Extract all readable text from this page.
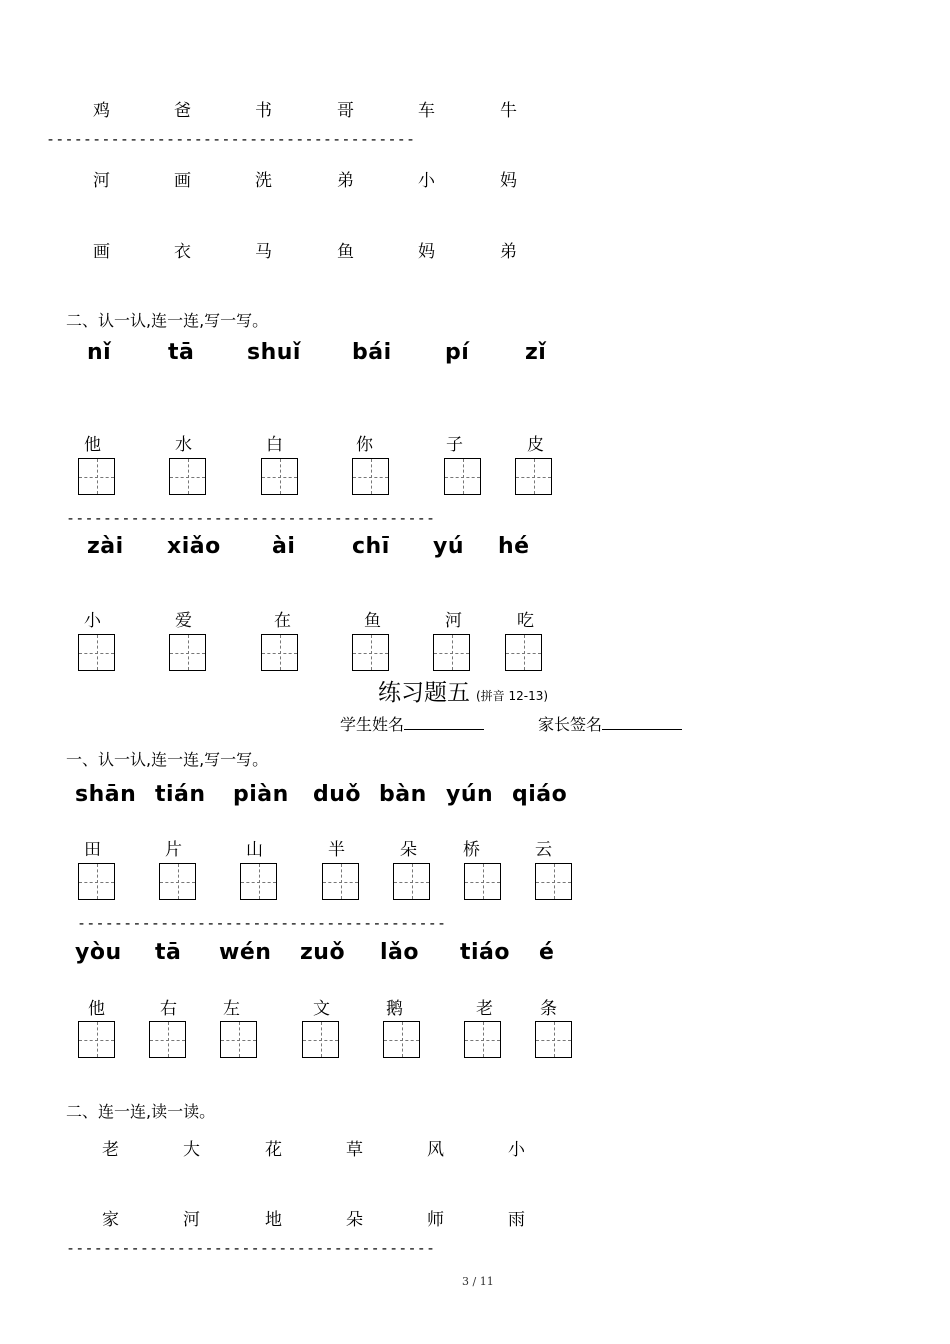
鸡	爸	书	哥	车	牛
----------------------------------------
河	画	洗	弟	小	妈
画	衣	马	鱼	妈	弟
二、认一认,连一连,写一写。
nǐ	tā shuǐ bái pí	zǐ
他	水	白	你	子	皮
----------------------------------------
zài xiǎo ài	chī yú hé
小	爱	在	鱼	河	吃
练习题五 (拼音 12-13)
学生姓名	家长签名
一、认一认,连一连,写一写。
shān tián piàn duǒ bàn yún qiáo
田	片	山	半	朵	桥	云
----------------------------------------
yòu tā wén zuǒ lǎo tiáo é
他	右	左	文	鹅	老	条
二、连一连,读一读。
老	大	花	草	风	小
家	河	地	朵	师	雨
----------------------------------------
3 / 11
